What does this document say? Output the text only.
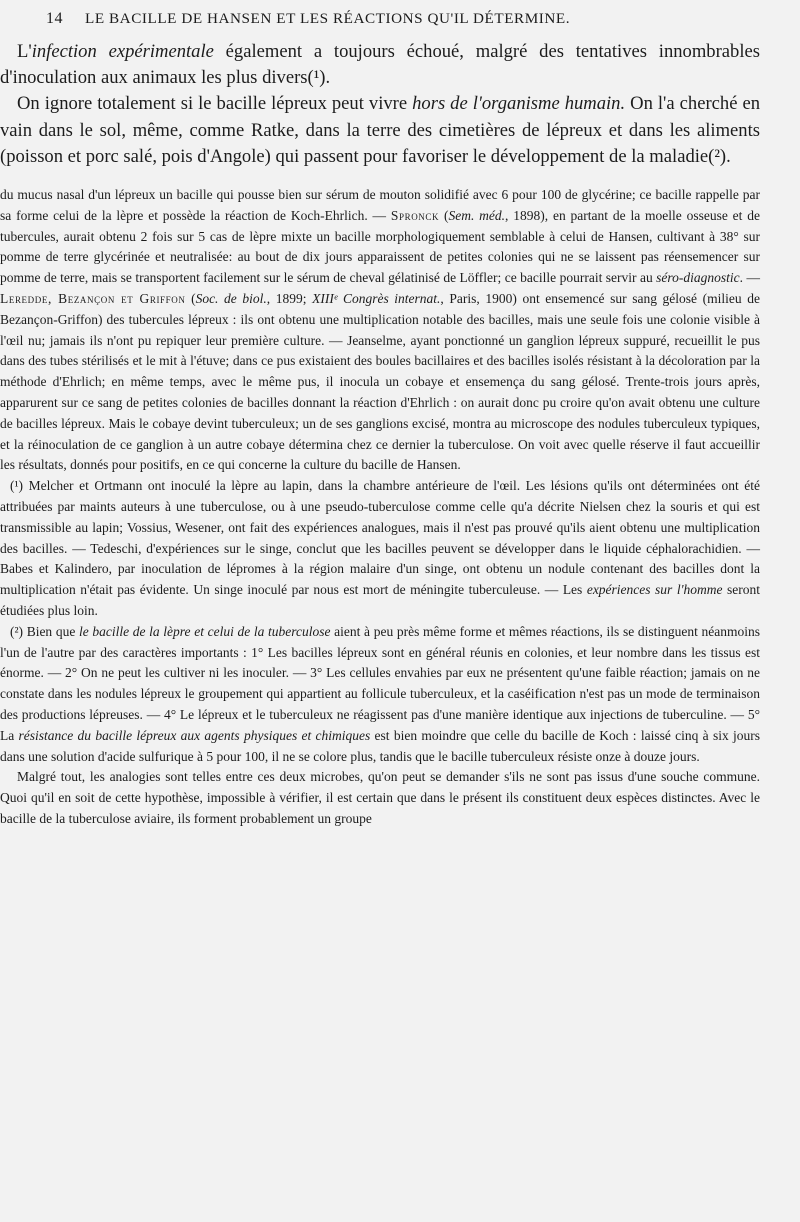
14 LE BACILLE DE HANSEN ET LES RÉACTIONS QU'IL DÉTERMINE.

L'infection expérimentale également a toujours échoué, malgré des tentatives innombrables d'inoculation aux animaux les plus divers(¹).

On ignore totalement si le bacille lépreux peut vivre hors de l'organisme humain. On l'a cherché en vain dans le sol, même, comme Ratke, dans la terre des cimetières de lépreux et dans les aliments (poisson et porc salé, pois d'Angole) qui passent pour favoriser le développement de la maladie(²).

du mucus nasal d'un lépreux un bacille qui pousse bien sur sérum de mouton solidifié avec 6 pour 100 de glycérine; ce bacille rappelle par sa forme celui de la lèpre et possède la réaction de Koch-Ehrlich. — Spronck (Sem. méd., 1898), en partant de la moelle osseuse et de tubercules, aurait obtenu 2 fois sur 5 cas de lèpre mixte un bacille morphologiquement semblable à celui de Hansen, cultivant à 38° sur pomme de terre glycérinée et neutralisée: au bout de dix jours apparaissent de petites colonies qui ne se laissent pas réensemencer sur pomme de terre, mais se transportent facilement sur le sérum de cheval gélatinisé de Löffler; ce bacille pourrait servir au séro-diagnostic. — Leredde, Bezançon et Griffon (Soc. de biol., 1899; XIIIᵉ Congrès internat., Paris, 1900) ont ensemencé sur sang gélosé (milieu de Bezançon-Griffon) des tubercules lépreux : ils ont obtenu une multiplication notable des bacilles, mais une seule fois une colonie visible à l'œil nu; jamais ils n'ont pu repiquer leur première culture. — Jeanselme, ayant ponctionné un ganglion lépreux suppuré, recueillit le pus dans des tubes stérilisés et le mit à l'étuve; dans ce pus existaient des boules bacillaires et des bacilles isolés résistant à la décoloration par la méthode d'Ehrlich; en même temps, avec le même pus, il inocula un cobaye et ensemença du sang gélosé. Trente-trois jours après, apparurent sur ce sang de petites colonies de bacilles donnant la réaction d'Ehrlich : on aurait donc pu croire qu'on avait obtenu une culture de bacilles lépreux. Mais le cobaye devint tuberculeux; un de ses ganglions excisé, montra au microscope des nodules tuberculeux typiques, et la réinoculation de ce ganglion à un autre cobaye détermina chez ce dernier la tuberculose. On voit avec quelle réserve il faut accueillir les résultats, donnés pour positifs, en ce qui concerne la culture du bacille de Hansen.

(¹) Melcher et Ortmann ont inoculé la lèpre au lapin, dans la chambre antérieure de l'œil. Les lésions qu'ils ont déterminées ont été attribuées par maints auteurs à une tuberculose, ou à une pseudo-tuberculose comme celle qu'a décrite Nielsen chez la souris et qui est transmissible au lapin; Vossius, Wesener, ont fait des expériences analogues, mais il n'est pas prouvé qu'ils aient obtenu une multiplication des bacilles. — Tedeschi, d'expériences sur le singe, conclut que les bacilles peuvent se développer dans le liquide céphalorachidien. — Babes et Kalindero, par inoculation de lépromes à la région malaire d'un singe, ont obtenu un nodule contenant des bacilles dont la multiplication n'était pas évidente. Un singe inoculé par nous est mort de méningite tuberculeuse. — Les expériences sur l'homme seront étudiées plus loin.

(²) Bien que le bacille de la lèpre et celui de la tuberculose aient à peu près même forme et mêmes réactions, ils se distinguent néanmoins l'un de l'autre par des caractères importants : 1° Les bacilles lépreux sont en général réunis en colonies, et leur nombre dans les tissus est énorme. — 2° On ne peut les cultiver ni les inoculer. — 3° Les cellules envahies par eux ne présentent qu'une faible réaction; jamais on ne constate dans les nodules lépreux le groupement qui appartient au follicule tuberculeux, et la caséification n'est pas un mode de terminaison des productions lépreuses. — 4° Le lépreux et le tuberculeux ne réagissent pas d'une manière identique aux injections de tuberculine. — 5° La résistance du bacille lépreux aux agents physiques et chimiques est bien moindre que celle du bacille de Koch : laissé cinq à six jours dans une solution d'acide sulfurique à 5 pour 100, il ne se colore plus, tandis que le bacille tuberculeux résiste onze à douze jours.

Malgré tout, les analogies sont telles entre ces deux microbes, qu'on peut se demander s'ils ne sont pas issus d'une souche commune. Quoi qu'il en soit de cette hypothèse, impossible à vérifier, il est certain que dans le présent ils constituent deux espèces distinctes. Avec le bacille de la tuberculose aviaire, ils forment probablement un groupe
